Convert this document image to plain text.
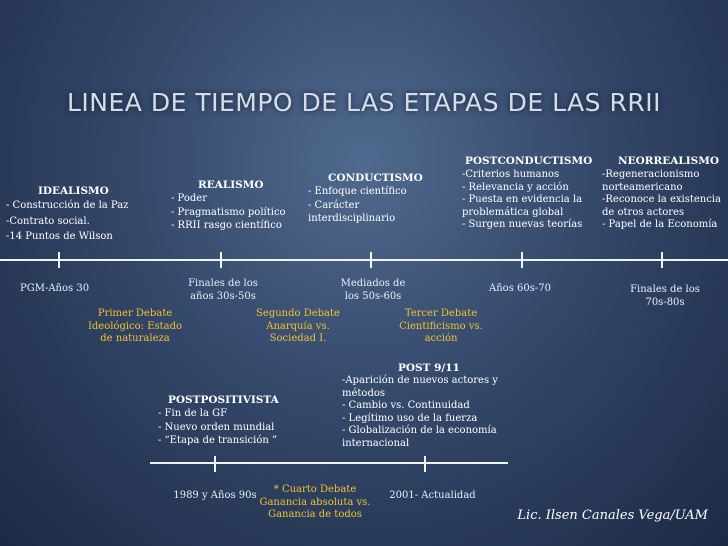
LINEA DE TIEMPO DE LAS ETAPAS DE LAS RRII
IDEALISMO
- Construcción de la Paz
-Contrato social.
-14 Puntos de Wilson
REALISMO
- Poder
- Pragmatismo político
- RRII rasgo científico
CONDUCTISMO
- Enfoque científico
- Carácter
interdisciplinario
POSTCONDUCTISMO
-Criterios humanos
- Relevancia y acción
- Puesta en evidencia la
problemática global
- Surgen nuevas teorías
NEORREALISMO
-Regeneracionismo
norteamericano
-Reconoce la existencia
de otros actores
- Papel de la Economía
PGM-Años 30	Finales de los
años 30s-50s
Mediados de
los 50s-60s
Años 60s-70	Finales de los
70s-80s
Primer Debate
Ideológico: Estado
de naturaleza
Segundo Debate
Anarquía vs.
Sociedad I.
Tercer Debate
Cientificismo vs.
acción
POSTPOSITIVISTA
- Fin de la GF
- Nuevo orden mundial
- “Etapa de transición ”
POST 9/11
-Aparición de nuevos actores y
métodos
- Cambio vs. Continuidad
- Legítimo uso de la fuerza
- Globalización de la economía
internacional
1989 y Años 90s	2001- Actualidad
* Cuarto Debate
Ganancia absoluta vs.
Ganancia de todos	Lic. Ilsen Canales Vega/UAM
